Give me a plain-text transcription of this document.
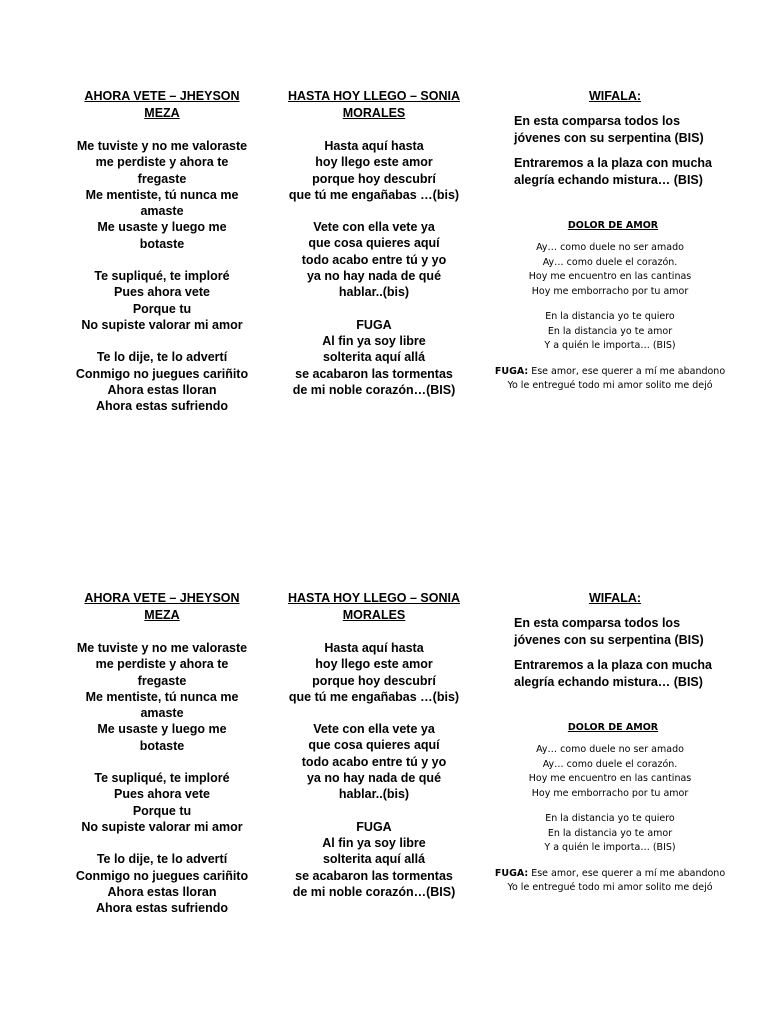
AHORA VETE – JHEYSON
MEZA
Me tuviste y no me valoraste
me perdiste y ahora te
fregaste
Me mentiste, tú nunca me
amaste
Me usaste y luego me
botaste
Te supliqué, te imploré
Pues ahora vete
Porque tu
No supiste valorar mi amor
Te lo dije, te lo advertí
Conmigo no juegues cariñito
Ahora estas lloran
Ahora estas sufriendo
HASTA HOY LLEGO – SONIA
MORALES
Hasta aquí hasta
hoy llego este amor
porque hoy descubrí
que tú me engañabas …(bis)
Vete con ella vete ya
que cosa quieres aquí
todo acabo entre tú y yo
ya no hay nada de qué
hablar..(bis)
FUGA
Al fin ya soy libre
solterita aquí allá
se acabaron las tormentas
de mi noble corazón…(BIS)
WIFALA:
En esta comparsa todos los
jóvenes con su serpentina (BIS)
Entraremos a la plaza con mucha
alegría echando mistura… (BIS)
DOLOR DE AMOR
Ay… como duele no ser amado
Ay… como duele el corazón.
Hoy me encuentro en las cantinas
Hoy me emborracho por tu amor
En la distancia yo te quiero
En la distancia yo te amor
Y a quién le importa… (BIS)
FUGA: Ese amor, ese querer a mí me abandono
Yo le entregué todo mi amor solito me dejó
AHORA VETE – JHEYSON
MEZA
Me tuviste y no me valoraste
me perdiste y ahora te
fregaste
Me mentiste, tú nunca me
amaste
Me usaste y luego me
botaste
Te supliqué, te imploré
Pues ahora vete
Porque tu
No supiste valorar mi amor
Te lo dije, te lo advertí
Conmigo no juegues cariñito
Ahora estas lloran
Ahora estas sufriendo
HASTA HOY LLEGO – SONIA
MORALES
Hasta aquí hasta
hoy llego este amor
porque hoy descubrí
que tú me engañabas …(bis)
Vete con ella vete ya
que cosa quieres aquí
todo acabo entre tú y yo
ya no hay nada de qué
hablar..(bis)
FUGA
Al fin ya soy libre
solterita aquí allá
se acabaron las tormentas
de mi noble corazón…(BIS)
WIFALA:
En esta comparsa todos los
jóvenes con su serpentina (BIS)
Entraremos a la plaza con mucha
alegría echando mistura… (BIS)
DOLOR DE AMOR
Ay… como duele no ser amado
Ay… como duele el corazón.
Hoy me encuentro en las cantinas
Hoy me emborracho por tu amor
En la distancia yo te quiero
En la distancia yo te amor
Y a quién le importa… (BIS)
FUGA: Ese amor, ese querer a mí me abandono
Yo le entregué todo mi amor solito me dejó
